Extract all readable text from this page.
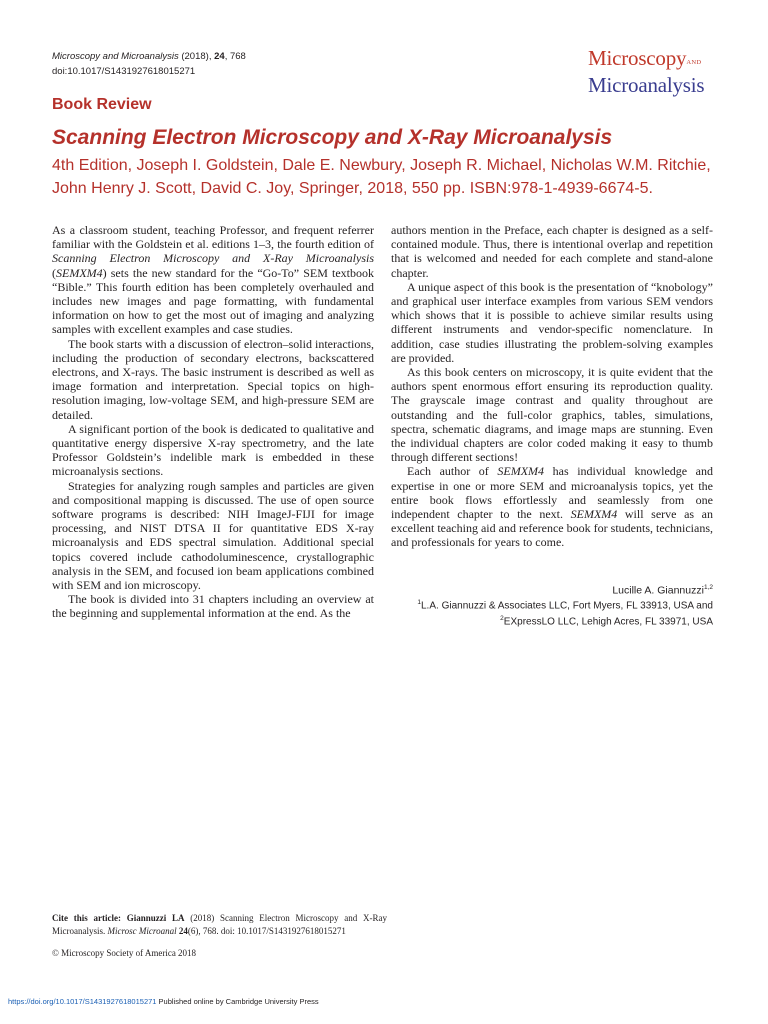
Microscopy and Microanalysis (2018), 24, 768
doi:10.1017/S1431927618015271
MicroscopyAND
Microanalysis
Book Review
Scanning Electron Microscopy and X-Ray Microanalysis
4th Edition, Joseph I. Goldstein, Dale E. Newbury, Joseph R. Michael, Nicholas W.M. Ritchie,
John Henry J. Scott, David C. Joy, Springer, 2018, 550 pp. ISBN:978-1-4939-6674-5.

As a classroom student, teaching Professor, and frequent referrer familiar with the Goldstein et al. editions 1–3, the fourth edition of Scanning Electron Microscopy and X-Ray Microanalysis (SEMXM4) sets the new standard for the “Go-To” SEM textbook “Bible.” This fourth edition has been completely overhauled and includes new images and page formatting, with fundamental information on how to get the most out of imaging and analyzing samples with excellent examples and case studies.

The book starts with a discussion of electron–solid interactions, including the production of secondary electrons, backscattered electrons, and X-rays. The basic instrument is described as well as image formation and interpretation. Special topics on high-resolution imaging, low-voltage SEM, and high-pressure SEM are detailed.

A significant portion of the book is dedicated to qualitative and quantitative energy dispersive X-ray spectrometry, and the late Professor Goldstein’s indelible mark is embedded in these microanalysis sections.

Strategies for analyzing rough samples and particles are given and compositional mapping is discussed. The use of open source software programs is described: NIH ImageJ-FIJI for image processing, and NIST DTSA II for quantitative EDS X-ray microanalysis and EDS spectral simulation. Additional special topics covered include cathodoluminescence, crystallographic analysis in the SEM, and focused ion beam applications combined with SEM and ion microscopy.

The book is divided into 31 chapters including an overview at the beginning and supplemental information at the end. As the

authors mention in the Preface, each chapter is designed as a self-contained module. Thus, there is intentional overlap and repetition that is welcomed and needed for each complete and stand-alone chapter.

A unique aspect of this book is the presentation of “knobology” and graphical user interface examples from various SEM vendors which shows that it is possible to achieve similar results using different instruments and vendor-specific nomenclature. In addition, case studies illustrating the problem-solving examples are provided.

As this book centers on microscopy, it is quite evident that the authors spent enormous effort ensuring its reproduction quality. The grayscale image contrast and quality throughout are outstanding and the full-color graphics, tables, simulations, spectra, schematic diagrams, and image maps are stunning. Even the individual chapters are color coded making it easy to thumb through different sections!

Each author of SEMXM4 has individual knowledge and expertise in one or more SEM and microanalysis topics, yet the entire book flows effortlessly and seamlessly from one independent chapter to the next. SEMXM4 will serve as an excellent teaching aid and reference book for students, technicians, and professionals for years to come.

Lucille A. Giannuzzi$^{1,2}$
$^1$L.A. Giannuzzi & Associates LLC, Fort Myers, FL 33913, USA and
$^2$EXpressLO LLC, Lehigh Acres, FL 33971, USA
Cite this article: Giannuzzi LA (2018) Scanning Electron Microscopy and X-Ray Microanalysis. Microsc Microanal 24(6), 768. doi: 10.1017/S1431927618015271
© Microscopy Society of America 2018
https://doi.org/10.1017/S1431927618015271 Published online by Cambridge University Press
